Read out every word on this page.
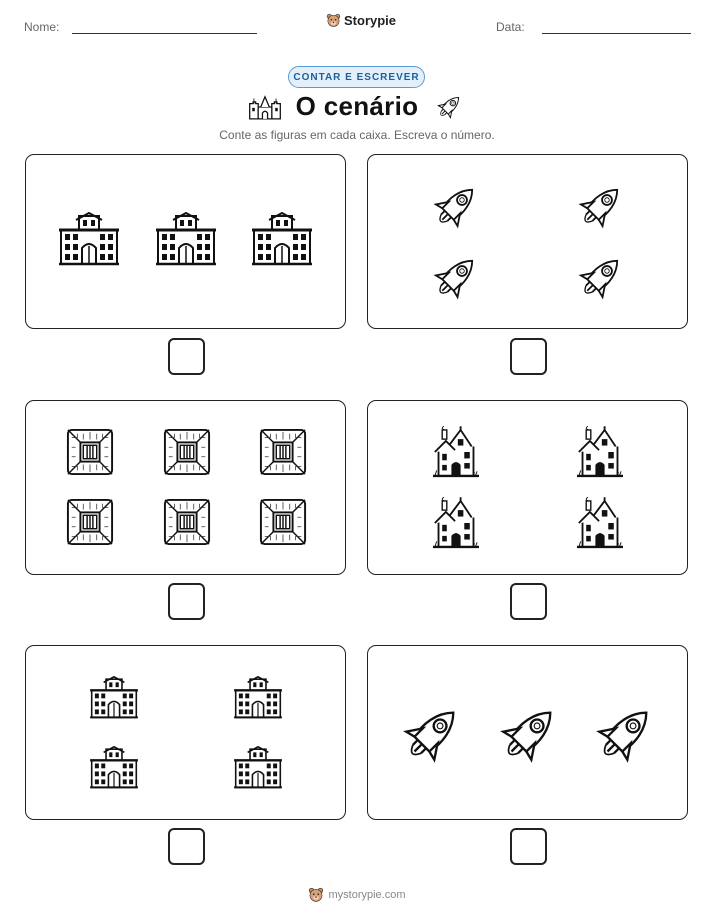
Nome:	Storypie	Data:
CONTAR E ESCREVER
O cenário
Conte as figuras em cada caixa. Escreva o número.
mystorypie.com
